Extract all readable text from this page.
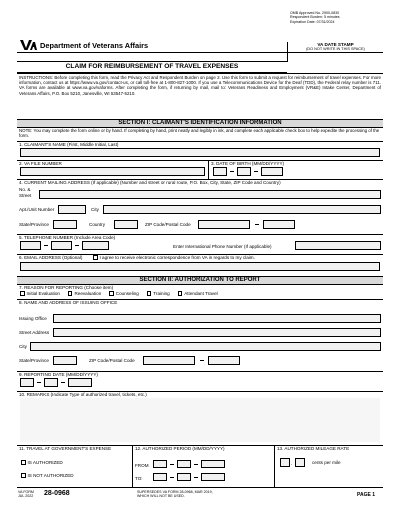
OMB Approved No. 2900-0830
Respondent Burden: 5 minutes
Expiration Date: 07/31/2024
Department of Veterans Affairs	VA DATE STAMP
(DO NOT WRITE IN THIS SPACE)
CLAIM FOR REIMBURSEMENT OF TRAVEL EXPENSES
INSTRUCTIONS: Before completing this form, read the Privacy Act and Respondent Burden on page 2. Use this form to submit a request for reimbursement of travel expenses. For more information, contact us at https://www.va.gov/contact-us, or call toll-free at 1-800-827-1000. If you use a Telecommunications Device for the Deaf (TDD), the Federal relay number is 711. VA forms are available at www.va.gov/vaforms. After completing the form, if returning by mail, mail to: Veterans Readiness and Employment (VR&E) Intake Center, Department of Veterans Affairs, P.O. Box 5210, Janesville, WI 53547-5210.
SECTION I: CLAIMANT'S IDENTIFICATION INFORMATION
NOTE: You may complete the form online or by hand. If completing by hand, print neatly and legibly in ink, and complete each applicable check box to help expedite the processing of the form.
1. CLAIMANT'S NAME (First, Middle Initial, Last)
2. VA FILE NUMBER	3. DATE OF BIRTH (MM/DD/YYYY)
4. CURRENT MAILING ADDRESS (If applicable) (Number and street or rural route, P.O. Box, City, State, ZIP Code and Country)
No. &
Street
Apt./Unit Number	City
State/Province	Country	ZIP Code/Postal Code
5. TELEPHONE NUMBER (Include Area Code)
Enter International Phone Number (If applicable)
6. EMAIL ADDRESS (Optional)	I agree to receive electronic correspondence from VA in regards to my claim.
SECTION II: AUTHORIZATION TO REPORT
7. REASON FOR REPORTING (Choose item)
Initial Evaluation	Reevaluation	Counseling	Training	Attendant Travel
8. NAME AND ADDRESS OF ISSUING OFFICE
Issuing Office
Street Address
City
State/Province	ZIP Code/Postal Code
9. REPORTING DATE (MM/DD/YYYY)
10. REMARKS (Indicate Type of authorized travel, tickets, etc.)
11. TRAVEL AT GOVERNMENT'S EXPENSE
IS AUTHORIZED
IS NOT AUTHORIZED
12. AUTHORIZED PERIOD (MM/DD/YYYY)
FROM
TO:
13. AUTHORIZED MILEAGE RATE
.	cents per mile
VA FORM
JUL 2022 28-0968	SUPERSEDES VA FORM 28-0968, MAR 2019,
WHICH WILL NOT BE USED.	PAGE 1
